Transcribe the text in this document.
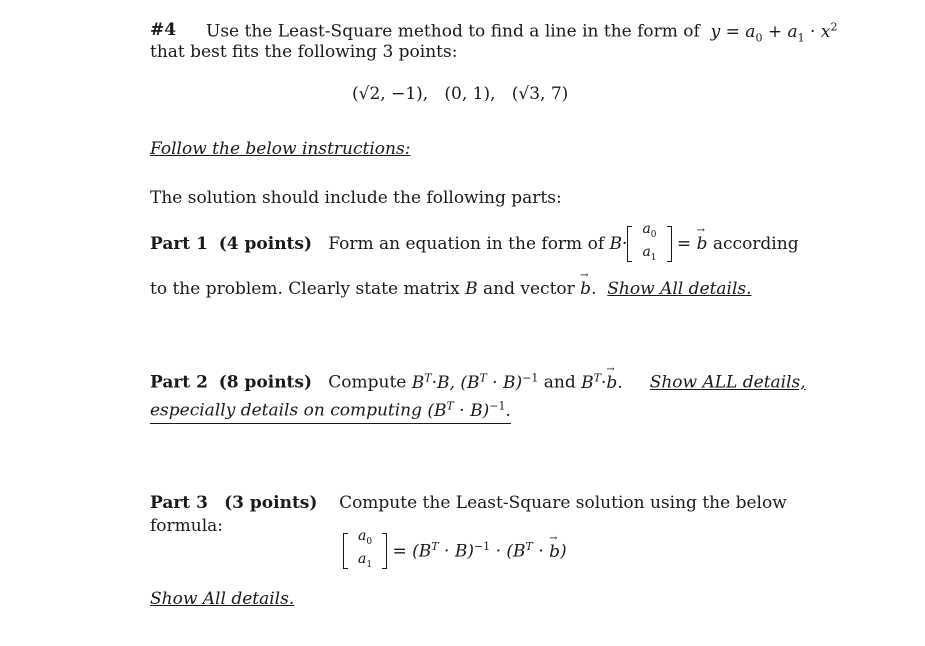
#4 Use the Least-Square method to find a line in the form of  $y = a_0 + a_1 \cdot x^2$
that best fits the following 3 points:
(√2, −1), (0, 1), (√3, 7)
Follow the below instructions:
The solution should include the following parts:
Part 1
(4 points)
Form an equation in the form of
B·
$a_0$
$a_1$
= → b according
to the problem. Clearly state matrix B and vector → b.  Show All details.
Part 2 (8 points) Compute $B^T\cdot B$, $(B^T \cdot B)^{-1}$ and $B^T\cdot\to b$. Show ALL details,
especially details on computing $(B^T \cdot B)^{-1}$.
Part 3 (3 points) Compute the Least-Square solution using the below
formula:
$a_0$
$a_1$
= $(B^T \cdot B)^{-1} \cdot (B^T$ · → b)
Show All details.
